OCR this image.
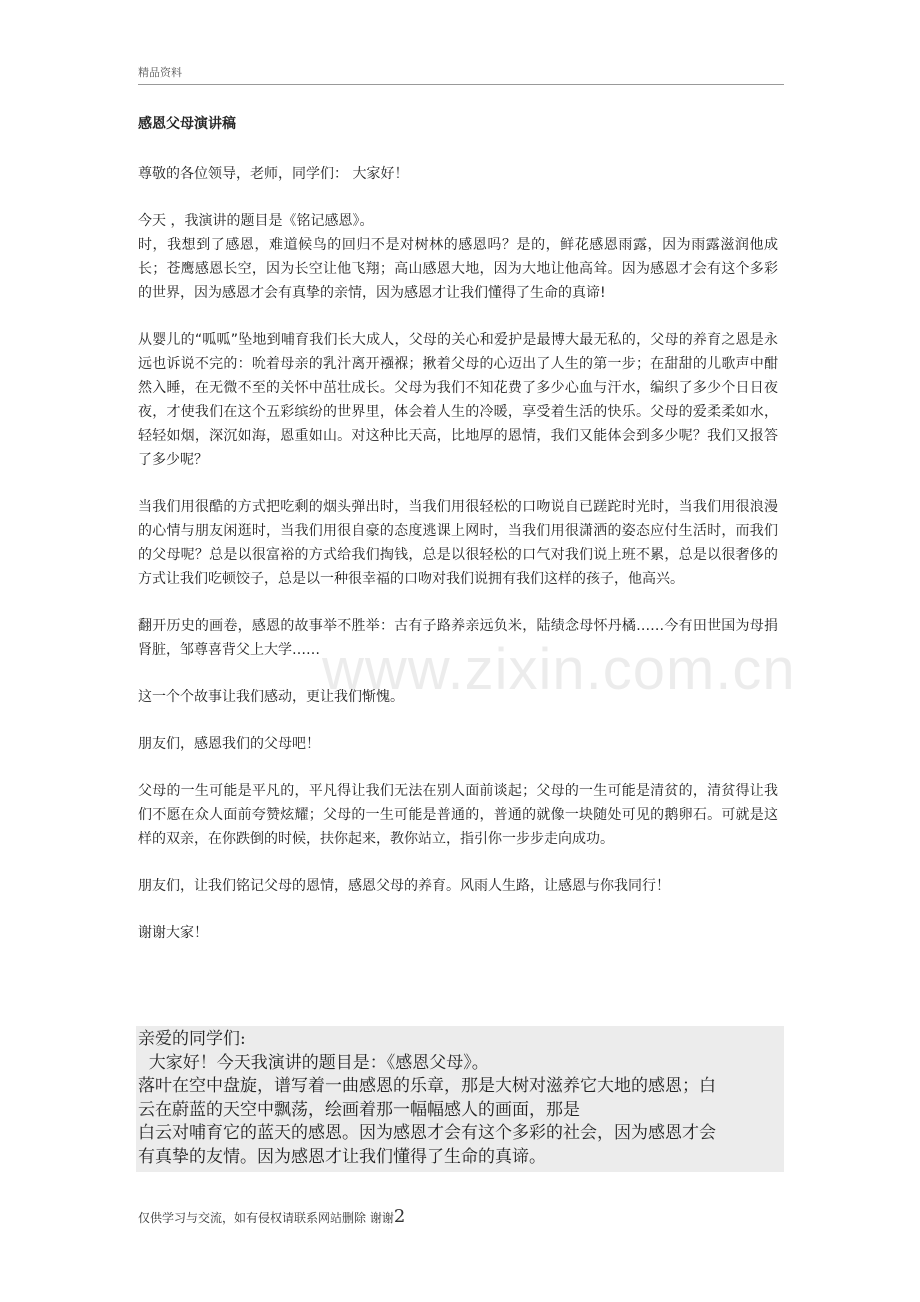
精品资料
www.zixin.com.cn
感恩父母演讲稿

尊敬的各位领导，老师，同学们： 大家好！

今天 ，我演讲的题目是《铭记感恩》。

时，我想到了感恩，难道候鸟的回归不是对树林的感恩吗？是的，鲜花感恩雨露，因为雨露滋润他成长；苍鹰感恩长空，因为长空让他飞翔；高山感恩大地，因为大地让他高耸。因为感恩才会有这个多彩的世界，因为感恩才会有真挚的亲情，因为感恩才让我们懂得了生命的真谛!

从婴儿的“呱呱”坠地到哺育我们长大成人，父母的关心和爱护是最博大最无私的，父母的养育之恩是永远也诉说不完的：吮着母亲的乳汁离开襁褓；揪着父母的心迈出了人生的第一步；在甜甜的儿歌声中酣然入睡，在无微不至的关怀中茁壮成长。父母为我们不知花费了多少心血与汗水，编织了多少个日日夜夜，才使我们在这个五彩缤纷的世界里，体会着人生的冷暖，享受着生活的快乐。父母的爱柔柔如水，轻轻如烟，深沉如海，恩重如山。对这种比天高，比地厚的恩情，我们又能体会到多少呢？我们又报答了多少呢？

当我们用很酷的方式把吃剩的烟头弹出时，当我们用很轻松的口吻说自已蹉跎时光时，当我们用很浪漫的心情与朋友闲逛时，当我们用很自豪的态度逃课上网时，当我们用很潇洒的姿态应付生活时，而我们的父母呢？总是以很富裕的方式给我们掏钱，总是以很轻松的口气对我们说上班不累，总是以很奢侈的方式让我们吃顿饺子，总是以一种很幸福的口吻对我们说拥有我们这样的孩子，他高兴。

翻开历史的画卷，感恩的故事举不胜举：古有子路养亲远负米，陆绩念母怀丹橘……今有田世国为母捐肾脏，邹尊喜背父上大学……

这一个个故事让我们感动，更让我们惭愧。

朋友们，感恩我们的父母吧！

父母的一生可能是平凡的，平凡得让我们无法在别人面前谈起；父母的一生可能是清贫的，清贫得让我们不愿在众人面前夸赞炫耀；父母的一生可能是普通的，普通的就像一块随处可见的鹅卵石。可就是这样的双亲，在你跌倒的时候，扶你起来，教你站立，指引你一步步走向成功。

朋友们，让我们铭记父母的恩情，感恩父母的养育。风雨人生路，让感恩与你我同行！

谢谢大家！

亲爱的同学们:
大家好！今天我演讲的题目是：《感恩父母》。
落叶在空中盘旋，谱写着一曲感恩的乐章，那是大树对滋养它大地的感恩；白
云在蔚蓝的天空中飘荡，绘画着那一幅幅感人的画面，那是
白云对哺育它的蓝天的感恩。因为感恩才会有这个多彩的社会，因为感恩才会
有真挚的友情。因为感恩才让我们懂得了生命的真谛。
仅供学习与交流，如有侵权请联系网站删除 谢谢2
